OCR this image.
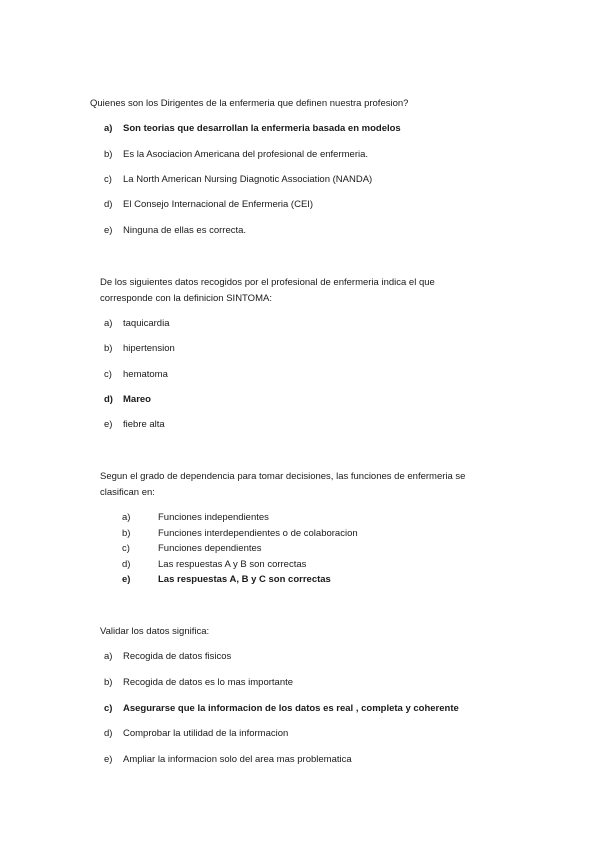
Quienes son los Dirigentes de la enfermeria que definen nuestra profesion?
a) Son teorias que desarrollan la enfermeria basada en modelos
b) Es la Asociacion Americana del profesional de enfermeria.
c) La North American Nursing Diagnotic Association (NANDA)
d) El Consejo Internacional de Enfermeria (CEI)
e) Ninguna de ellas es correcta.
De los siguientes datos recogidos por el profesional de enfermeria indica el que
corresponde con la definicion SINTOMA:
a) taquicardia
b) hipertension
c) hematoma
d) Mareo
e) fiebre alta
Segun el grado de dependencia para tomar decisiones, las funciones de enfermeria se
clasifican en:
a)	Funciones independientes
b)	Funciones interdependientes o de colaboracion
c)	Funciones dependientes
d)	Las respuestas A y B son correctas
e)	Las respuestas A, B y C son correctas
Validar los datos significa:
a) Recogida de datos fisicos
b) Recogida de datos es lo mas importante
c) Asegurarse que la informacion de los datos es real , completa y coherente
d) Comprobar la utilidad de la informacion
e) Ampliar la informacion solo del area mas problematica
